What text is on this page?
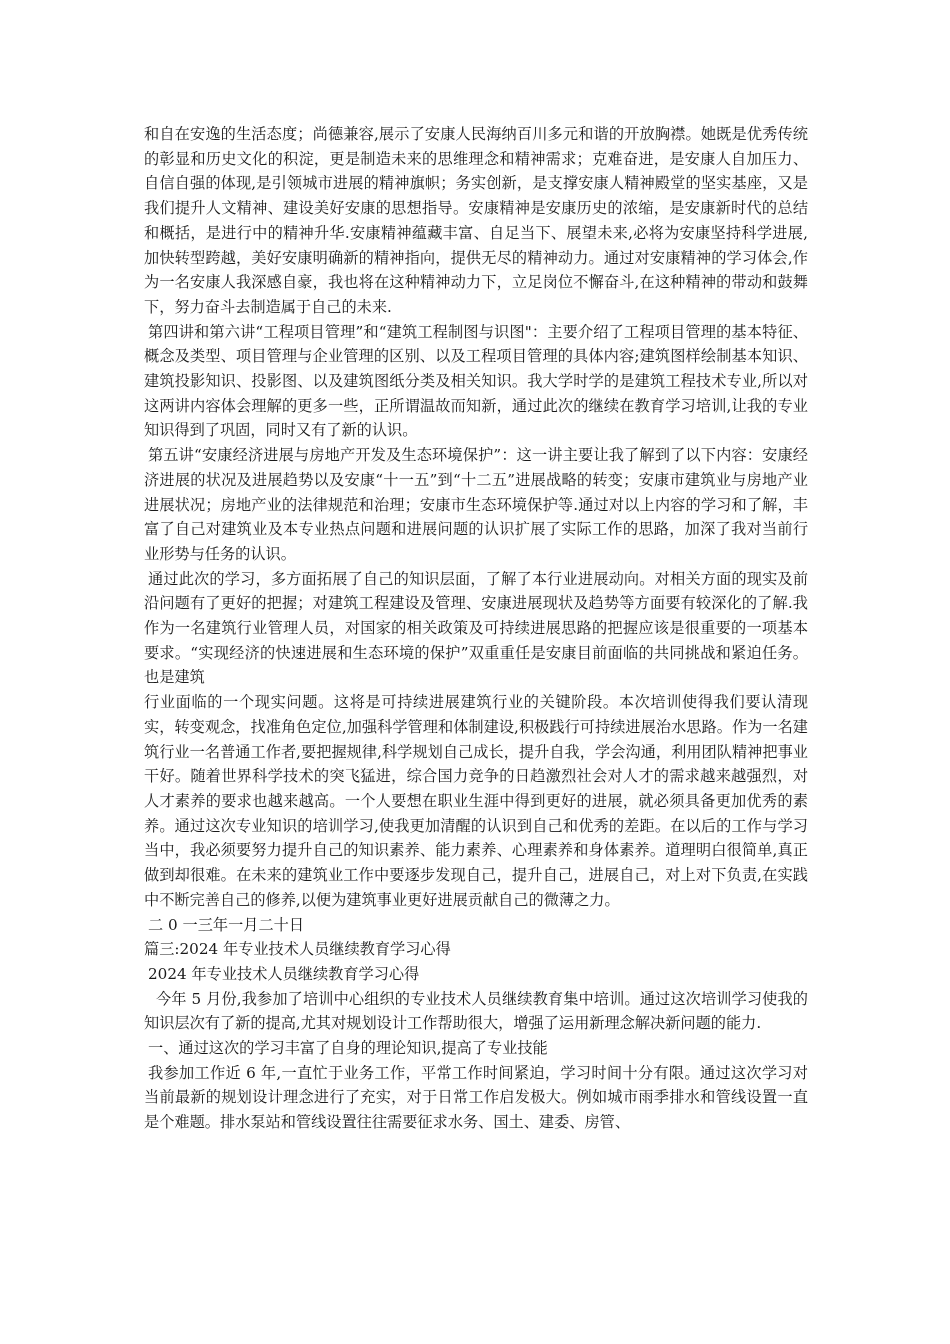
和自在安逸的生活态度；尚德兼容,展示了安康人民海纳百川多元和谐的开放胸襟。她既是优秀传统的彰显和历史文化的积淀，更是制造未来的思维理念和精神需求；克难奋进，是安康人自加压力、自信自强的体现,是引领城市进展的精神旗帜；务实创新，是支撑安康人精神殿堂的坚实基座，又是我们提升人文精神、建设美好安康的思想指导。安康精神是安康历史的浓缩，是安康新时代的总结和概括，是进行中的精神升华.安康精神蕴藏丰富、自足当下、展望未来,必将为安康坚持科学进展,加快转型跨越，美好安康明确新的精神指向，提供无尽的精神动力。通过对安康精神的学习体会,作为一名安康人我深感自豪，我也将在这种精神动力下，立足岗位不懈奋斗,在这种精神的带动和鼓舞下，努力奋斗去制造属于自己的未来.

第四讲和第六讲“工程项目管理”和“建筑工程制图与识图"：主要介绍了工程项目管理的基本特征、概念及类型、项目管理与企业管理的区别、以及工程项目管理的具体内容;建筑图样绘制基本知识、建筑投影知识、投影图、以及建筑图纸分类及相关知识。我大学时学的是建筑工程技术专业,所以对这两讲内容体会理解的更多一些，正所谓温故而知新，通过此次的继续在教育学习培训,让我的专业知识得到了巩固，同时又有了新的认识。

第五讲“安康经济进展与房地产开发及生态环境保护”：这一讲主要让我了解到了以下内容：安康经济进展的状况及进展趋势以及安康“十一五”到“十二五”进展战略的转变；安康市建筑业与房地产业进展状况；房地产业的法律规范和治理；安康市生态环境保护等.通过对以上内容的学习和了解，丰富了自己对建筑业及本专业热点问题和进展问题的认识扩展了实际工作的思路，加深了我对当前行业形势与任务的认识。

通过此次的学习，多方面拓展了自己的知识层面，了解了本行业进展动向。对相关方面的现实及前沿问题有了更好的把握；对建筑工程建设及管理、安康进展现状及趋势等方面要有较深化的了解.我作为一名建筑行业管理人员，对国家的相关政策及可持续进展思路的把握应该是很重要的一项基本要求。“实现经济的快速进展和生态环境的保护”双重重任是安康目前面临的共同挑战和紧迫任务。也是建筑

行业面临的一个现实问题。这将是可持续进展建筑行业的关键阶段。本次培训使得我们要认清现实，转变观念，找准角色定位,加强科学管理和体制建设,积极践行可持续进展治水思路。作为一名建筑行业一名普通工作者,要把握规律,科学规划自己成长，提升自我，学会沟通，利用团队精神把事业干好。随着世界科学技术的突飞猛进，综合国力竞争的日趋激烈社会对人才的需求越来越强烈，对人才素养的要求也越来越高。一个人要想在职业生涯中得到更好的进展，就必须具备更加优秀的素养。通过这次专业知识的培训学习,使我更加清醒的认识到自己和优秀的差距。在以后的工作与学习当中，我必须要努力提升自己的知识素养、能力素养、心理素养和身体素养。道理明白很简单,真正做到却很难。在未来的建筑业工作中要逐步发现自己，提升自己，进展自己，对上对下负责,在实践中不断完善自己的修养,以便为建筑事业更好进展贡献自己的微薄之力。

二 0 一三年一月二十日

篇三:2024 年专业技术人员继续教育学习心得

2024 年专业技术人员继续教育学习心得

今年 5 月份,我参加了培训中心组织的专业技术人员继续教育集中培训。通过这次培训学习使我的知识层次有了新的提高,尤其对规划设计工作帮助很大，增强了运用新理念解决新问题的能力.

一、通过这次的学习丰富了自身的理论知识,提高了专业技能

我参加工作近 6 年,一直忙于业务工作，平常工作时间紧迫，学习时间十分有限。通过这次学习对当前最新的规划设计理念进行了充实，对于日常工作启发极大。例如城市雨季排水和管线设置一直是个难题。排水泵站和管线设置往往需要征求水务、国土、建委、房管、
